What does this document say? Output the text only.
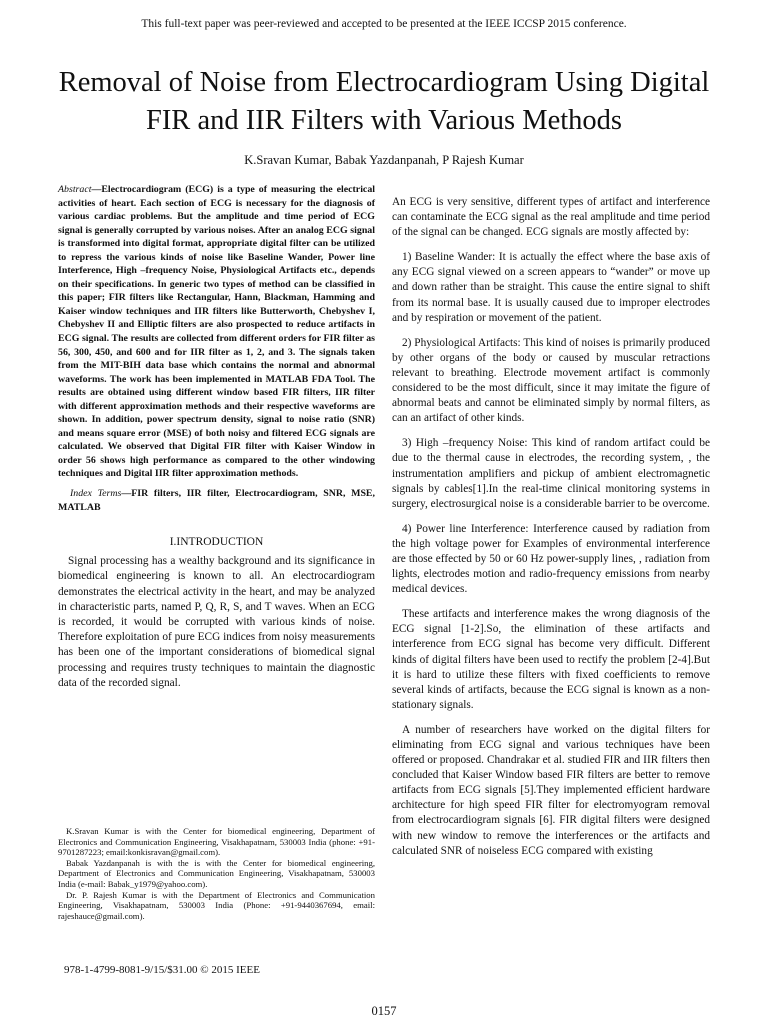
This full-text paper was peer-reviewed and accepted to be presented at the IEEE ICCSP 2015 conference.
Removal of Noise from Electrocardiogram Using Digital FIR and IIR Filters with Various Methods
K.Sravan Kumar, Babak Yazdanpanah, P Rajesh Kumar

Abstract—Electrocardiogram (ECG) is a type of measuring the electrical activities of heart. Each section of ECG is necessary for the diagnosis of various cardiac problems. But the amplitude and time period of ECG signal is generally corrupted by various noises. After an analog ECG signal is transformed into digital format, appropriate digital filter can be utilized to repress the various kinds of noise like Baseline Wander, Power line Interference, High –frequency Noise, Physiological Artifacts etc., depends on their specifications. In generic two types of method can be classified in this paper; FIR filters like Rectangular, Hann, Blackman, Hamming and Kaiser window techniques and IIR filters like Butterworth, Chebyshev I, Chebyshev II and Elliptic filters are also prospected to reduce artifacts in ECG signal. The results are collected from different orders for FIR filter as 56, 300, 450, and 600 and for IIR filter as 1, 2, and 3. The signals taken from the MIT-BIH data base which contains the normal and abnormal waveforms. The work has been implemented in MATLAB FDA Tool. The results are obtained using different window based FIR filters, IIR filter with different approximation methods and their respective waveforms are shown. In addition, power spectrum density, signal to noise ratio (SNR) and means square error (MSE) of both noisy and filtered ECG signals are calculated. We observed that Digital FIR filter with Kaiser Window in order 56 shows high performance as compared to the other windowing techniques and Digital IIR filter approximation methods.

Index Terms—FIR filters, IIR filter, Electrocardiogram, SNR, MSE, MATLAB

I.INTRODUCTION

Signal processing has a wealthy background and its significance in biomedical engineering is known to all. An electrocardiogram demonstrates the electrical activity in the heart, and may be analyzed in characteristic parts, named P, Q, R, S, and T waves. When an ECG is recorded, it would be corrupted with various kinds of noise. Therefore exploitation of pure ECG indices from noisy measurements has been one of the important considerations of biomedical signal processing and requires trusty techniques to maintain the diagnostic data of the recorded signal.

K.Sravan Kumar is with the Center for biomedical engineering, Department of Electronics and Communication Engineering, Visakhapatnam, 530003 India (phone: +91-9701287223; email:konkisravan@gmail.com).

Babak Yazdanpanah is with the is with the Center for biomedical engineering, Department of Electronics and Communication Engineering, Visakhapatnam, 530003 India (e-mail: Babak_y1979@yahoo.com).

Dr. P. Rajesh Kumar is with the Department of Electronics and Communication Engineering, Visakhapatnam, 530003 India (Phone: +91-9440367694, email: rajeshauce@gmail.com).

978-1-4799-8081-9/15/$31.00 © 2015 IEEE

An ECG is very sensitive, different types of artifact and interference can contaminate the ECG signal as the real amplitude and time period of the signal can be changed. ECG signals are mostly affected by:

1) Baseline Wander: It is actually the effect where the base axis of any ECG signal viewed on a screen appears to “wander” or move up and down rather than be straight. This cause the entire signal to shift from its normal base. It is usually caused due to improper electrodes and by respiration or movement of the patient.

2) Physiological Artifacts: This kind of noises is primarily produced by other organs of the body or caused by muscular retractions relevant to breathing. Electrode movement artifact is commonly considered to be the most difficult, since it may imitate the figure of abnormal beats and cannot be eliminated simply by normal filters, as can an artifact of other kinds.

3) High –frequency Noise: This kind of random artifact could be due to the thermal cause in electrodes, the recording system, , the instrumentation amplifiers and pickup of ambient electromagnetic signals by cables[1].In the real-time clinical monitoring systems in surgery, electrosurgical noise is a considerable barrier to be overcome.

4) Power line Interference: Interference caused by radiation from the high voltage power for Examples of environmental interference are those effected by 50 or 60 Hz power-supply lines, , radiation from lights, electrodes motion and radio-frequency emissions from nearby medical devices.

These artifacts and interference makes the wrong diagnosis of the ECG signal [1-2].So, the elimination of these artifacts and interference from ECG signal has become very difficult. Different kinds of digital filters have been used to rectify the problem [2-4].But it is hard to utilize these filters with fixed coefficients to remove several kinds of artifacts, because the ECG signal is known as a non-stationary signals.

A number of researchers have worked on the digital filters for eliminating from ECG signal and various techniques have been offered or proposed. Chandrakar et al. studied FIR and IIR filters then concluded that Kaiser Window based FIR filters are better to remove artifacts from ECG signals [5].They implemented efficient hardware architecture for high speed FIR filter for electromyogram removal from electrocardiogram signals [6]. FIR digital filters were designed with new window to remove the interferences or the artifacts and calculated SNR of noiseless ECG compared with existing

0157
